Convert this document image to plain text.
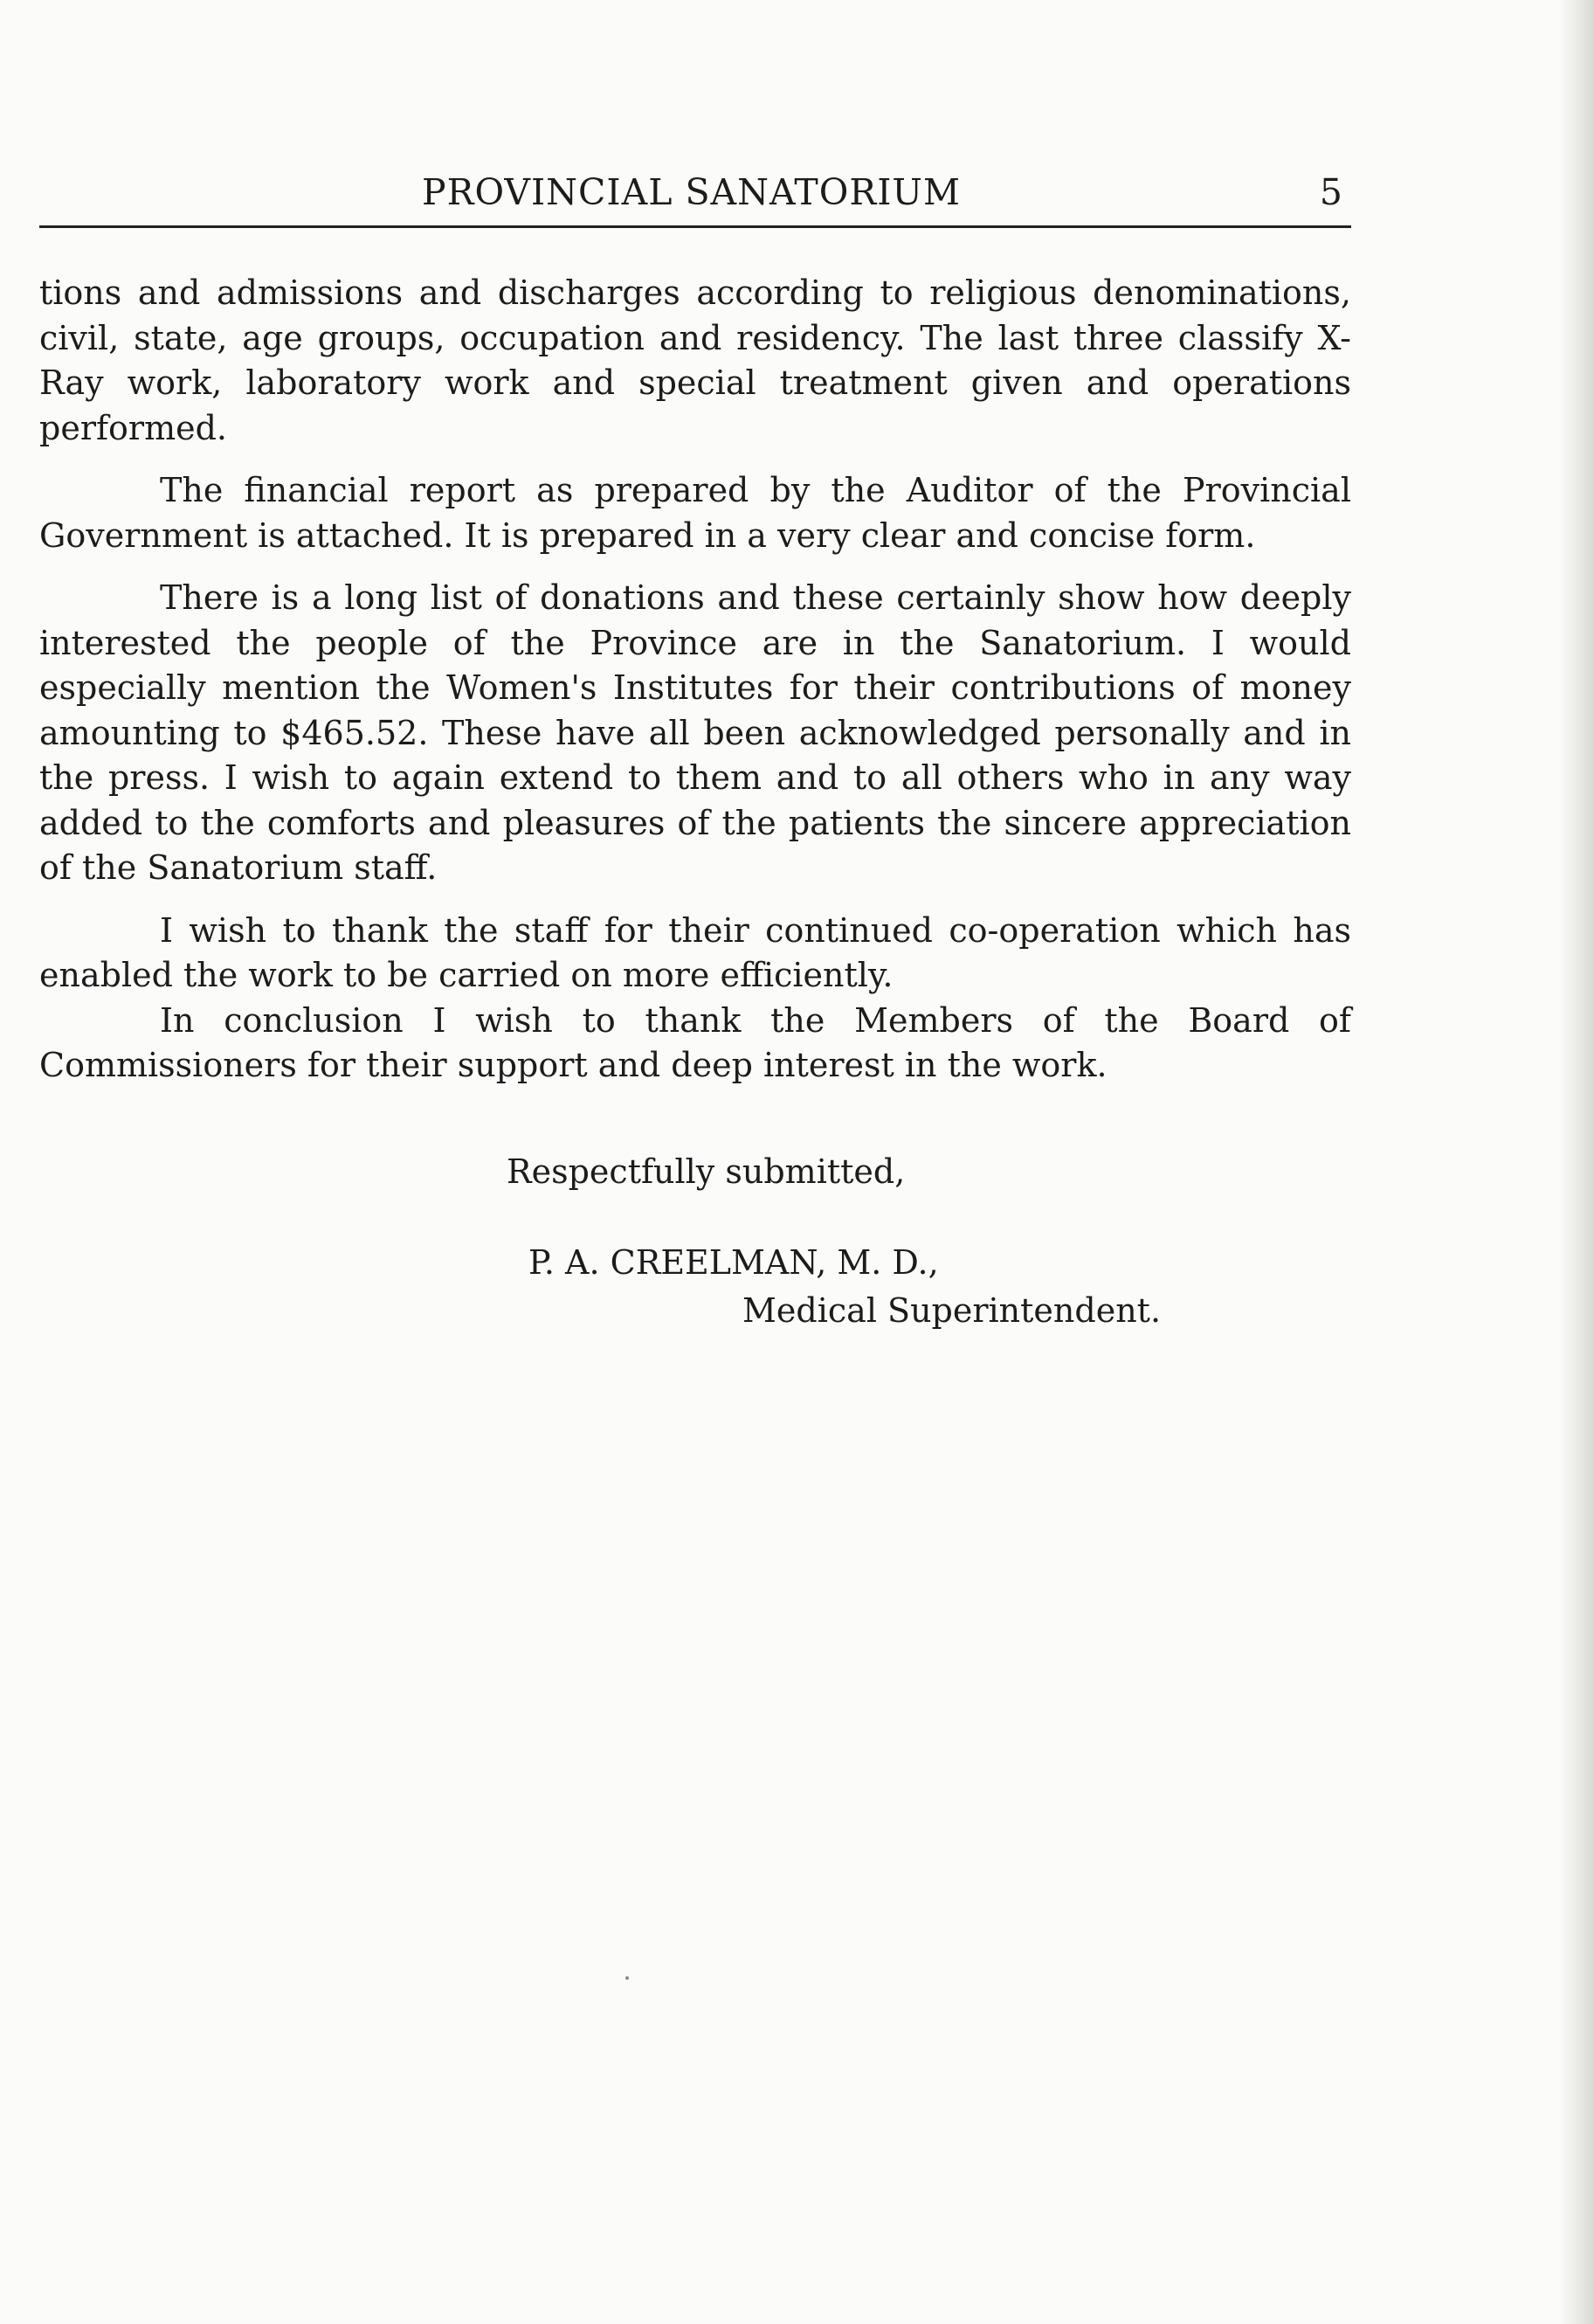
PROVINCIAL SANATORIUM	5

tions and admissions and discharges according to religious denominations, civil, state, age groups, occupation and residency. The last three classify X-Ray work, laboratory work and special treatment given and operations performed.

The financial report as prepared by the Auditor of the Provincial Government is attached. It is prepared in a very clear and concise form.

There is a long list of donations and these certainly show how deeply interested the people of the Province are in the Sanatorium. I would especially mention the Women's Institutes for their contributions of money amounting to $465.52. These have all been acknowledged personally and in the press. I wish to again extend to them and to all others who in any way added to the comforts and pleasures of the patients the sincere appreciation of the Sanatorium staff.

I wish to thank the staff for their continued co-operation which has enabled the work to be carried on more efficiently.

In conclusion I wish to thank the Members of the Board of Commissioners for their support and deep interest in the work.

Respectfully submitted,
P. A. CREELMAN, M. D.,
Medical Superintendent.
